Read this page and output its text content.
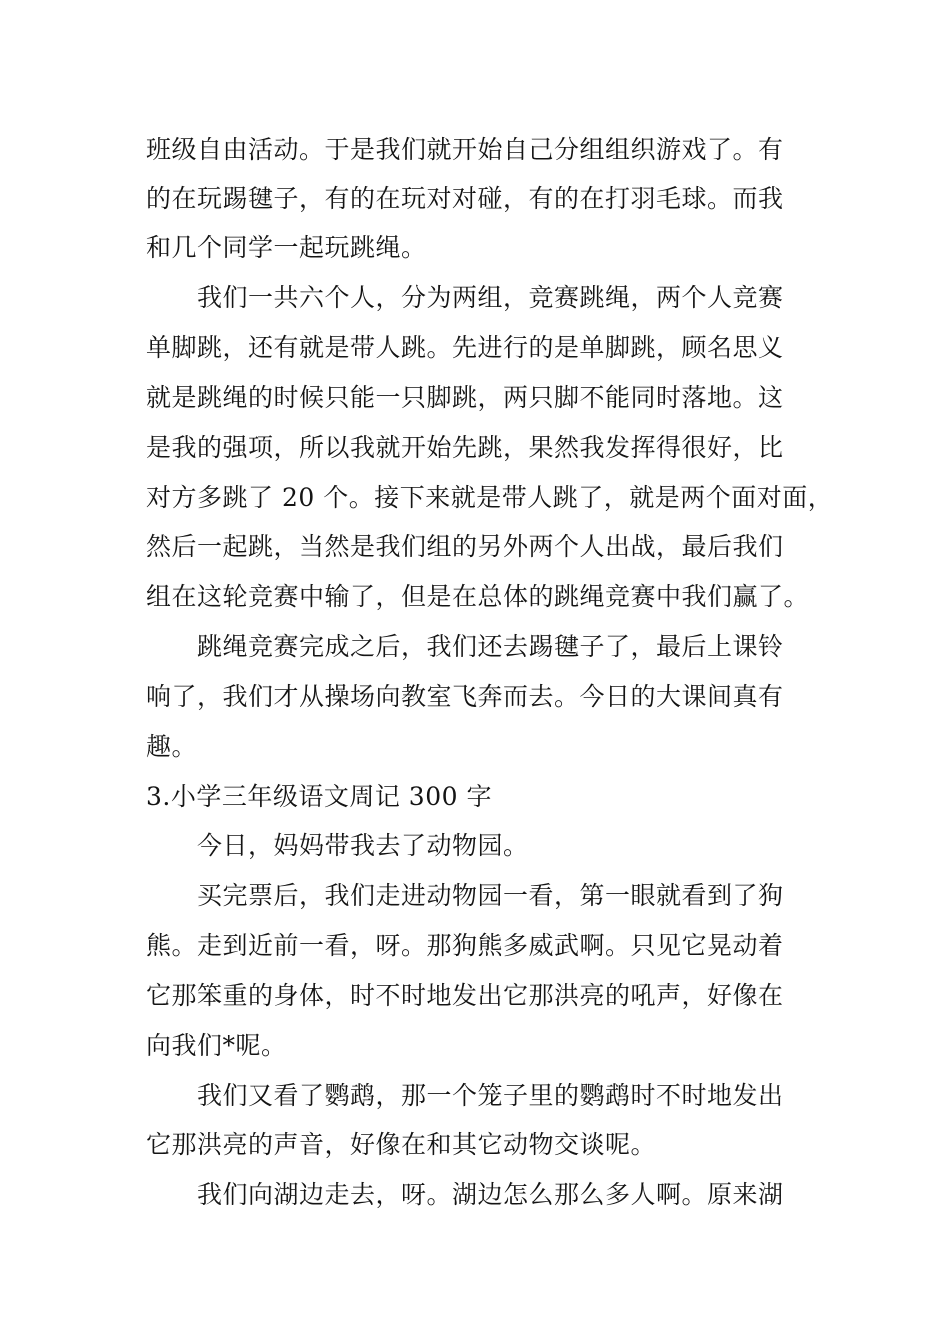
班级自由活动。于是我们就开始自己分组组织游戏了。有

的在玩踢毽子，有的在玩对对碰，有的在打羽毛球。而我

和几个同学一起玩跳绳。

我们一共六个人，分为两组，竞赛跳绳，两个人竞赛

单脚跳，还有就是带人跳。先进行的是单脚跳，顾名思义

就是跳绳的时候只能一只脚跳，两只脚不能同时落地。这

是我的强项，所以我就开始先跳，果然我发挥得很好，比

对方多跳了 20 个。接下来就是带人跳了，就是两个面对面，

然后一起跳，当然是我们组的另外两个人出战，最后我们

组在这轮竞赛中输了，但是在总体的跳绳竞赛中我们赢了。

跳绳竞赛完成之后，我们还去踢毽子了，最后上课铃

响了，我们才从操场向教室飞奔而去。今日的大课间真有

趣。

3.小学三年级语文周记 300 字

今日，妈妈带我去了动物园。

买完票后，我们走进动物园一看，第一眼就看到了狗

熊。走到近前一看，呀。那狗熊多威武啊。只见它晃动着

它那笨重的身体，时不时地发出它那洪亮的吼声，好像在

向我们*呢。

我们又看了鹦鹉，那一个笼子里的鹦鹉时不时地发出

它那洪亮的声音，好像在和其它动物交谈呢。

我们向湖边走去，呀。湖边怎么那么多人啊。原来湖
